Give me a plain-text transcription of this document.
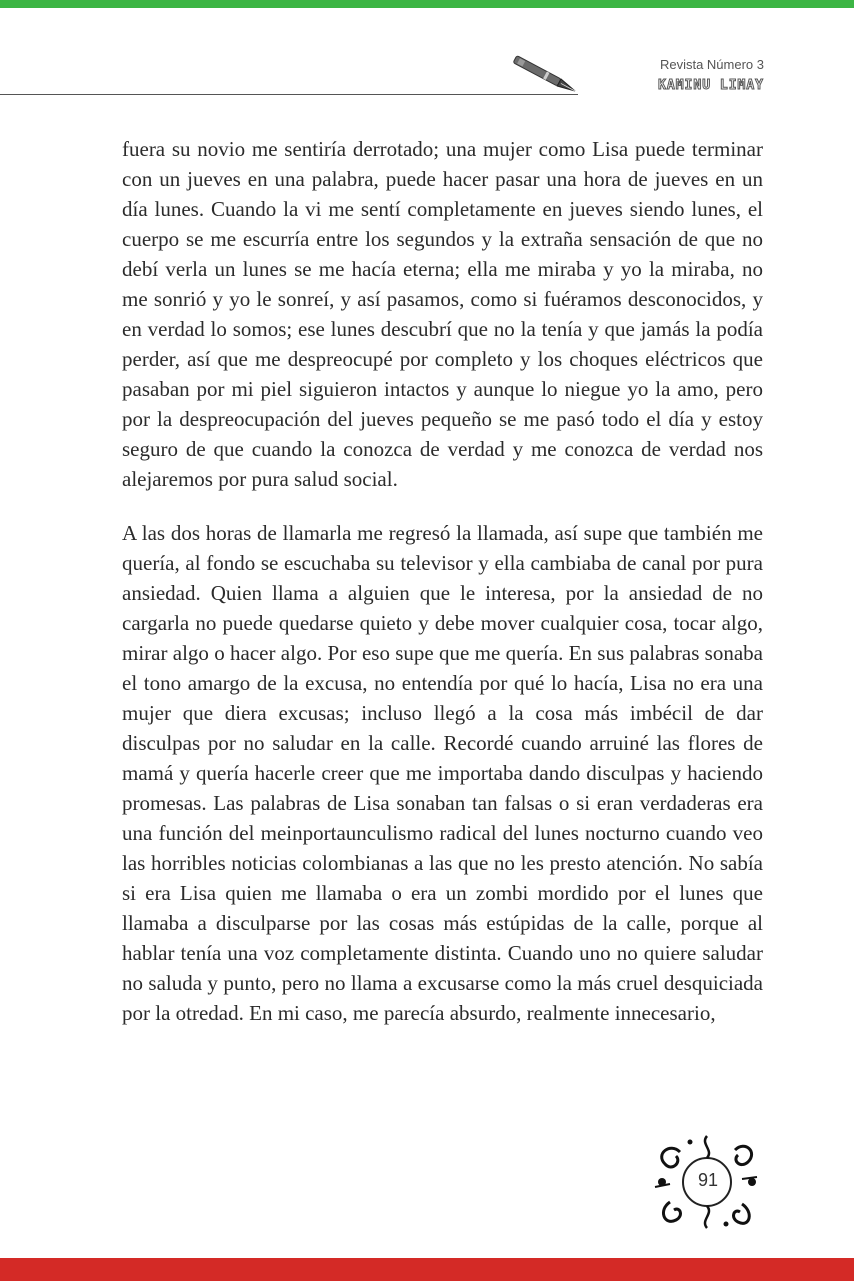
Revista Número 3
KAMINU LIMAY

fuera su novio me sentiría derrotado; una mujer como Lisa puede terminar con un jueves en una palabra, puede hacer pasar una hora de jueves en un día lunes. Cuando la vi me sentí completamente en jueves siendo lunes, el cuerpo se me escurría entre los segundos y la extraña sensación de que no debí verla un lunes se me hacía eterna; ella me miraba y yo la miraba, no me sonrió y yo le sonreí, y así pasamos, como si fuéramos desconocidos, y en verdad lo somos; ese lunes descubrí que no la tenía y que jamás la podía perder, así que me despreocupé por completo y los choques eléctricos que pasaban por mi piel siguieron intactos y aunque lo niegue yo la amo, pero por la despreocupación del jueves pequeño se me pasó todo el día y estoy seguro de que cuando la conozca de verdad y me conozca de verdad nos alejaremos por pura salud social.

A las dos horas de llamarla me regresó la llamada, así supe que también me quería, al fondo se escuchaba su televisor y ella cambiaba de canal por pura ansiedad. Quien llama a alguien que le interesa, por la ansiedad de no cargarla no puede quedarse quieto y debe mover cualquier cosa, tocar algo, mirar algo o hacer algo. Por eso supe que me quería. En sus palabras sonaba el tono amargo de la excusa, no entendía por qué lo hacía, Lisa no era una mujer que diera excusas; incluso llegó a la cosa más imbécil de dar disculpas por no saludar en la calle. Recordé cuando arruiné las flores de mamá y quería hacerle creer que me importaba dando disculpas y haciendo promesas. Las palabras de Lisa sonaban tan falsas o si eran verdaderas era una función del meinportaunculismo radical del lunes nocturno cuando veo las horribles noticias colombianas a las que no les presto atención. No sabía si era Lisa quien me llamaba o era un zombi mordido por el lunes que llamaba a disculparse por las cosas más estúpidas de la calle, porque al hablar tenía una voz completamente distinta. Cuando uno no quiere saludar no saluda y punto, pero no llama a excusarse como la más cruel desquiciada por la otredad. En mi caso, me parecía absurdo, realmente innecesario,

91
